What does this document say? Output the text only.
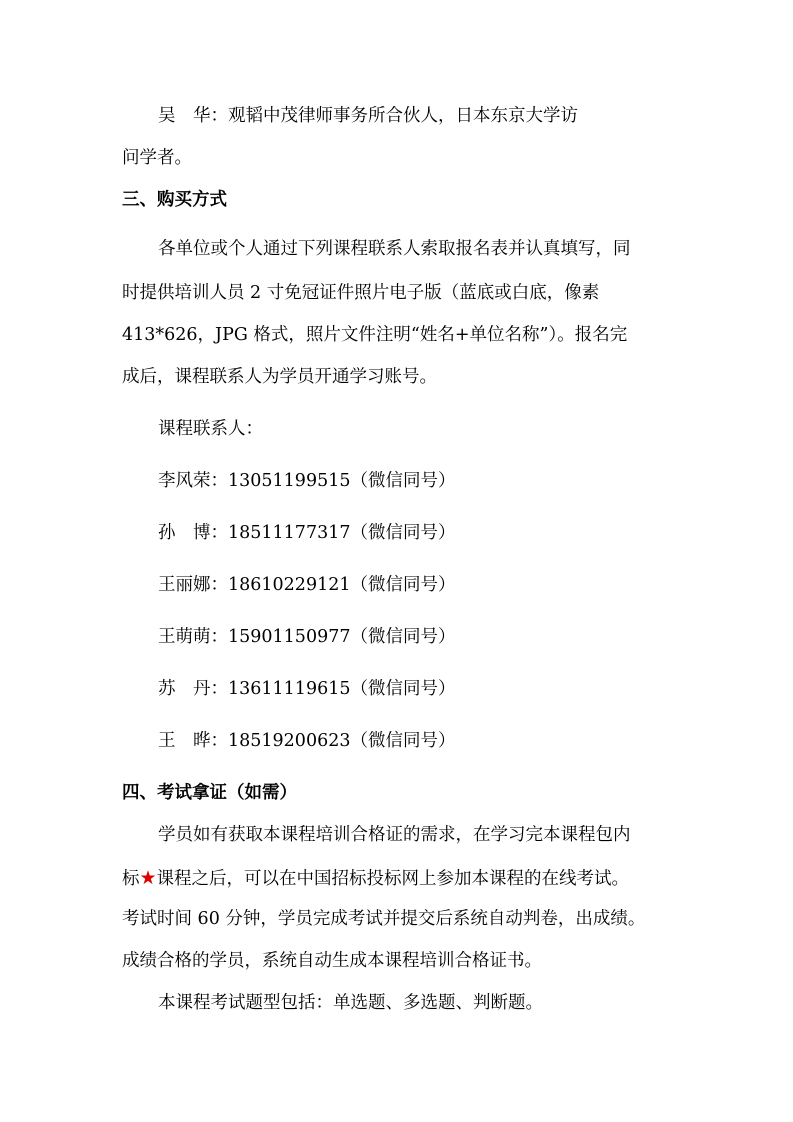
吴　华：观韬中茂律师事务所合伙人，日本东京大学访
问学者。
三、购买方式
各单位或个人通过下列课程联系人索取报名表并认真填写，同
时提供培训人员 2 寸免冠证件照片电子版（蓝底或白底，像素
413*626，JPG 格式，照片文件注明“姓名+单位名称”）。报名完
成后，课程联系人为学员开通学习账号。
课程联系人：
李风荣：13051199515（微信同号）
孙　博：18511177317（微信同号）
王丽娜：18610229121（微信同号）
王萌萌：15901150977（微信同号）
苏　丹：13611119615（微信同号）
王　晔：18519200623（微信同号）
四、考试拿证（如需）
学员如有获取本课程培训合格证的需求，在学习完本课程包内
标★课程之后，可以在中国招标投标网上参加本课程的在线考试。
考试时间 60 分钟，学员完成考试并提交后系统自动判卷，出成绩。
成绩合格的学员，系统自动生成本课程培训合格证书。
本课程考试题型包括：单选题、多选题、判断题。
